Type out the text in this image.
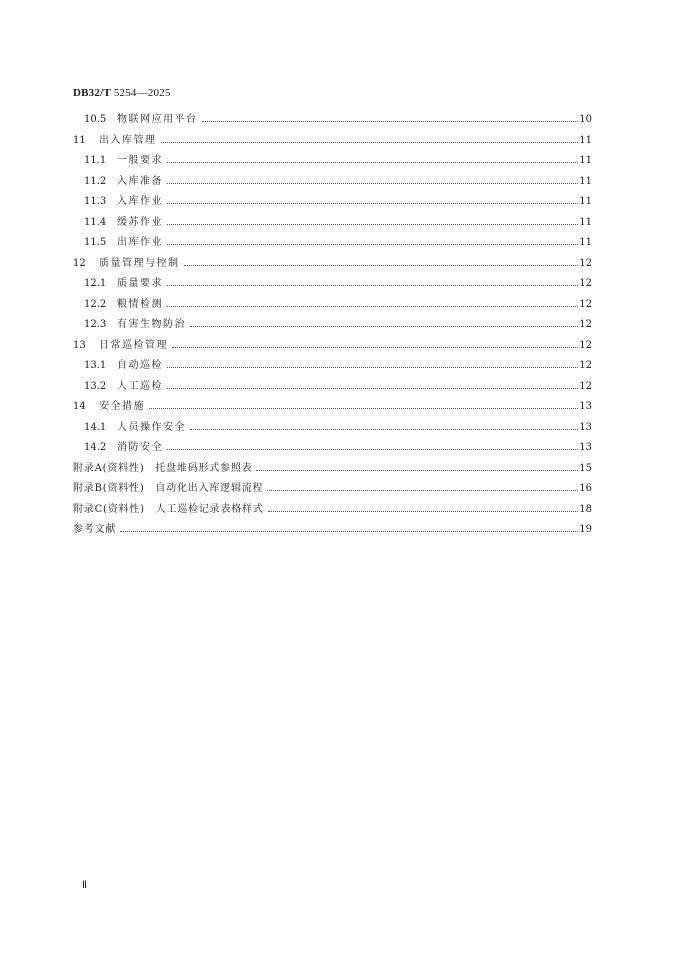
DB32/T 5254—2025
10.5	物联网应用平台	10
11	出入库管理	11
11.1	一般要求	11
11.2	入库准备	11
11.3	入库作业	11
11.4	缓苏作业	11
11.5	出库作业	11
12	质量管理与控制	12
12.1	质量要求	12
12.2	粮情检测	12
12.3	有害生物防治	12
13	日常巡检管理	12
13.1	自动巡检	12
13.2	人工巡检	12
14	安全措施	13
14.1	人员操作安全	13
14.2	消防安全	13
附录A(资料性)　托盘堆码形式参照表	15
附录B(资料性)　自动化出入库逻辑流程	16
附录C(资料性)　人工巡检记录表格样式	18
参考文献	19
Ⅱ
